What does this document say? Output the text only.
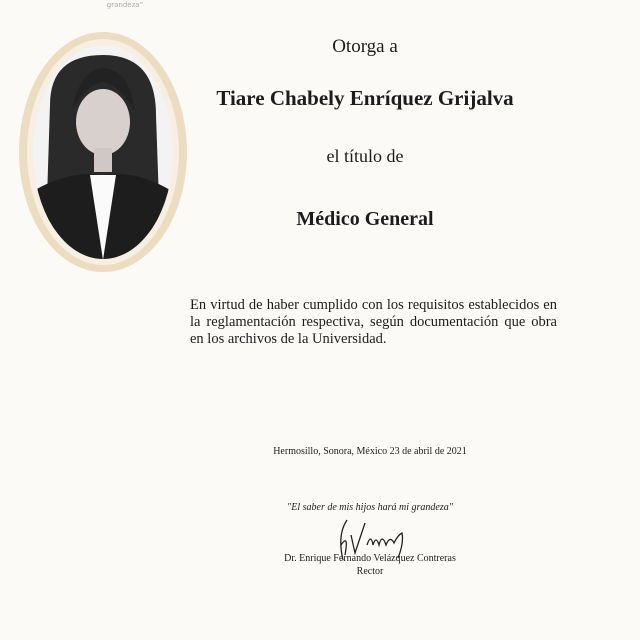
grandeza”
Otorga a
Tiare Chabely Enríquez Grijalva
el título de
Médico General
En virtud de haber cumplido con los requisitos establecidos en la reglamentación respectiva, según documentación que obra en los archivos de la Universidad.
Hermosillo, Sonora, México 23 de abril de 2021
"El saber de mis hijos hará mi grandeza"
Dr. Enrique Fernando Velázquez Contreras
Rector
